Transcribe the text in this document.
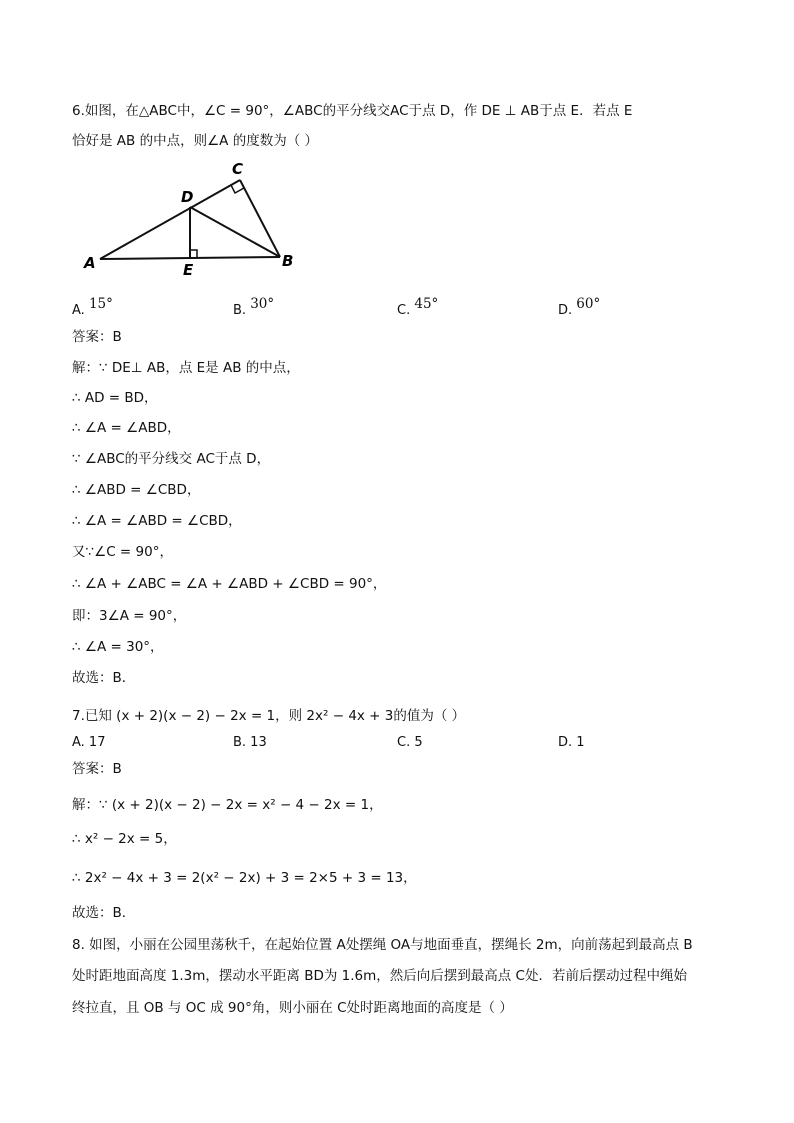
6.如图，在△ABC中，∠C = 90°，∠ABC的平分线交AC于点 D，作 DE ⊥ AB于点 E．若点 E
恰好是 AB 的中点，则∠A 的度数为（ ）
A	B
C
D
E
A. 15°	B. 30°	C. 45°	D. 60°
答案：B
解：∵ DE⊥ AB，点 E是 AB 的中点，
∴ AD = BD，
∴ ∠A = ∠ABD，
∵ ∠ABC的平分线交 AC于点 D，
∴ ∠ABD = ∠CBD，
∴ ∠A = ∠ABD = ∠CBD，
又∵∠C = 90°，
∴ ∠A + ∠ABC = ∠A + ∠ABD + ∠CBD = 90°，
即：3∠A = 90°，
∴ ∠A = 30°，
故选：B．
7.已知 (x + 2)(x − 2) − 2x = 1，则 2x² − 4x + 3的值为（ ）
A. 17	B. 13	C. 5	D. 1
答案：B
解：∵ (x + 2)(x − 2) − 2x = x² − 4 − 2x = 1，
∴ x² − 2x = 5，
∴ 2x² − 4x + 3 = 2(x² − 2x) + 3 = 2×5 + 3 = 13，
故选：B．
8. 如图，小丽在公园里荡秋千，在起始位置 A处摆绳 OA与地面垂直，摆绳长 2m，向前荡起到最高点 B
处时距地面高度 1.3m，摆动水平距离 BD为 1.6m，然后向后摆到最高点 C处．若前后摆动过程中绳始
终拉直，且 OB 与 OC 成 90°角，则小丽在 C处时距离地面的高度是（ ）
